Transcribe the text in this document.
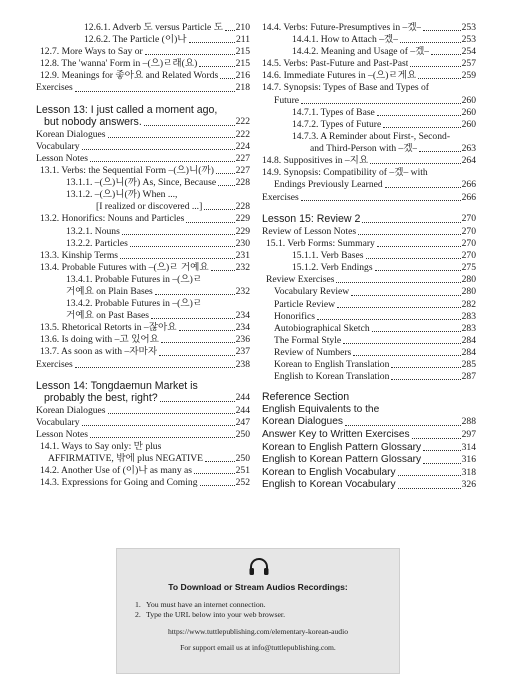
12.6.1. Adverb 도 versus Particle 도 210
12.6.2. The Particle (이)나	211
12.7. More Ways to Say or	215
12.8. The 'wanna' Form in –(으)ㄹ래(요)	215
12.9. Meanings for 좋아요 and Related Words 216
Exercises	218
Lesson 13: I just called a moment ago,
but nobody answers.	222
Korean Dialogues	222
Vocabulary	224
Lesson Notes	227
13.1. Verbs: the Sequential Form –(으)니(까) 227
13.1.1. –(으)니(까) As, Since, Because 228
13.1.2. –(으)니(까) When ...,
[I realized or discovered ...]	228
13.2. Honorifics: Nouns and Particles	229
13.2.1. Nouns	229
13.2.2. Particles	230
13.3. Kinship Terms	231
13.4. Probable Futures with –(으)ㄹ 거예요	232
13.4.1. Probable Futures in –(으)ㄹ
거예요 on Plain Bases	232
13.4.2. Probable Futures in –(으)ㄹ
거예요 on Past Bases	234
13.5. Rhetorical Retorts in –잖아요	234
13.6. Is doing with –고 있어요	236
13.7. As soon as with –자마자	237
Exercises	238
Lesson 14: Tongdaemun Market is
probably the best, right?	244
Korean Dialogues	244
Vocabulary	247
Lesson Notes	250
14.1. Ways to Say only: 만 plus
AFFIRMATIVE, 밖에 plus NEGATIVE	250
14.2. Another Use of (이)나 as many as	251
14.3. Expressions for Going and Coming	252
14.4. Verbs: Future-Presumptives in –겠–	253
14.4.1. How to Attach –겠–	253
14.4.2. Meaning and Usage of –겠–	254
14.5. Verbs: Past-Future and Past-Past	257
14.6. Immediate Futures in –(으)ㄹ게요	259
14.7. Synopsis: Types of Base and Types of
Future	260
14.7.1. Types of Base	260
14.7.2. Types of Future	260
14.7.3. A Reminder about First-, Second-
and Third-Person with –겠–	263
14.8. Suppositives in –지요	264
14.9. Synopsis: Compatibility of –겠– with
Endings Previously Learned	266
Exercises	266
Lesson 15: Review 2	270
Review of Lesson Notes	270
15.1. Verb Forms: Summary	270
15.1.1. Verb Bases	270
15.1.2. Verb Endings	275
Review Exercises	280
Vocabulary Review	280
Particle Review	282
Honorifics	283
Autobiographical Sketch	283
The Formal Style	284
Review of Numbers	284
Korean to English Translation	285
English to Korean Translation	287
Reference Section
English Equivalents to the
Korean Dialogues	288
Answer Key to Written Exercises	297
Korean to English Pattern Glossary	314
English to Korean Pattern Glossary	316
Korean to English Vocabulary	318
English to Korean Vocabulary	326
To Download or Stream Audios Recordings:
1. You must have an internet connection.
2. Type the URL below into your web browser.
https://www.tuttlepublishing.com/elementary-korean-audio
For support email us at info@tuttlepublishing.com.
